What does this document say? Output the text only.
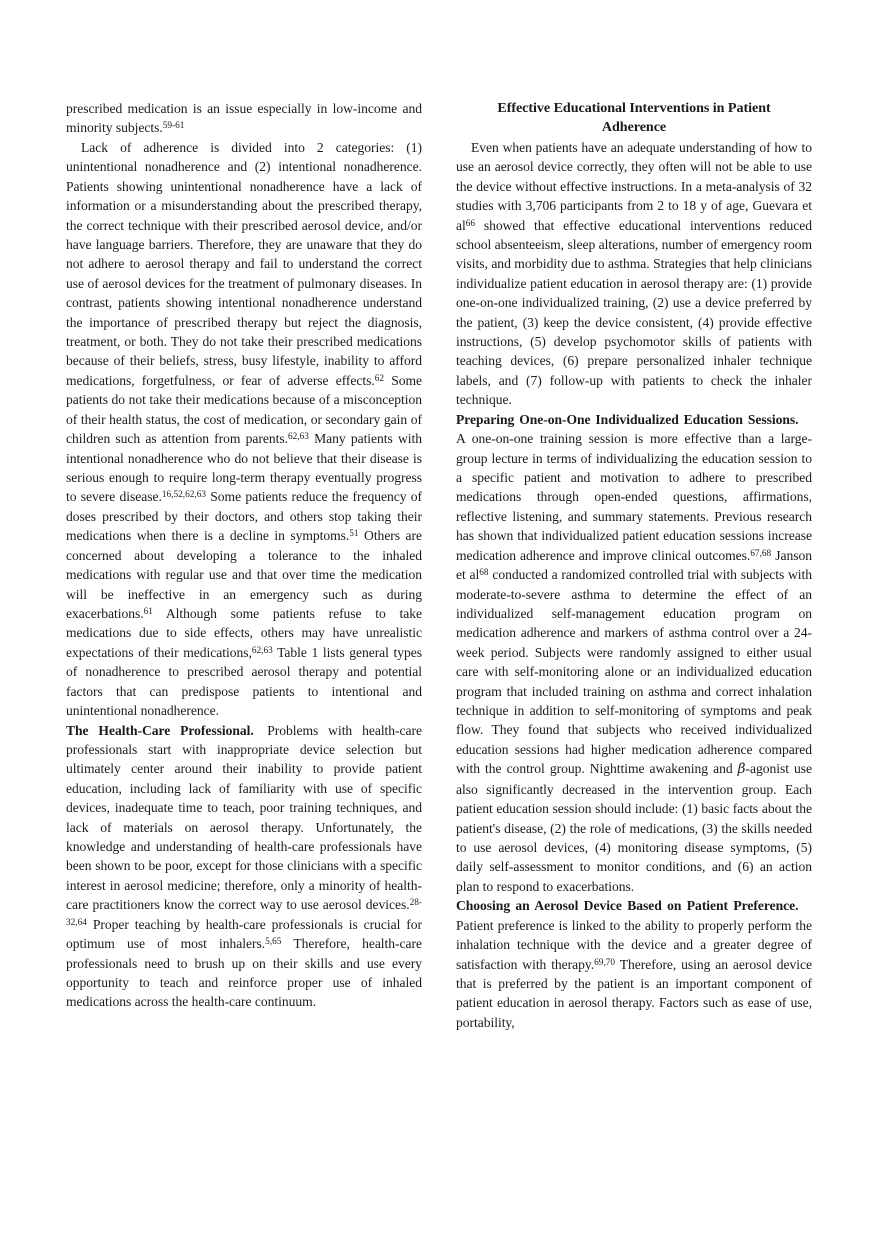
prescribed medication is an issue especially in low-income and minority subjects.$^{59-61}$

Lack of adherence is divided into 2 categories: (1) unintentional nonadherence and (2) intentional nonadherence. Patients showing unintentional nonadherence have a lack of information or a misunderstanding about the prescribed therapy, the correct technique with their prescribed aerosol device, and/or have language barriers. Therefore, they are unaware that they do not adhere to aerosol therapy and fail to understand the correct use of aerosol devices for the treatment of pulmonary diseases. In contrast, patients showing intentional nonadherence understand the importance of prescribed therapy but reject the diagnosis, treatment, or both. They do not take their prescribed medications because of their beliefs, stress, busy lifestyle, inability to afford medications, forgetfulness, or fear of adverse effects.$^{62}$ Some patients do not take their medications because of a misconception of their health status, the cost of medication, or secondary gain of children such as attention from parents.$^{62,63}$ Many patients with intentional nonadherence who do not believe that their disease is serious enough to require long-term therapy eventually progress to severe disease.$^{16,52,62,63}$ Some patients reduce the frequency of doses prescribed by their doctors, and others stop taking their medications when there is a decline in symptoms.$^{51}$ Others are concerned about developing a tolerance to the inhaled medications with regular use and that over time the medication will be ineffective in an emergency such as during exacerbations.$^{61}$ Although some patients refuse to take medications due to side effects, others may have unrealistic expectations of their medications,$^{62,63}$ Table 1 lists general types of nonadherence to prescribed aerosol therapy and potential factors that can predispose patients to intentional and unintentional nonadherence.

The Health-Care Professional. Problems with health-care professionals start with inappropriate device selection but ultimately center around their inability to provide patient education, including lack of familiarity with use of specific devices, inadequate time to teach, poor training techniques, and lack of materials on aerosol therapy. Unfortunately, the knowledge and understanding of health-care professionals have been shown to be poor, except for those clinicians with a specific interest in aerosol medicine; therefore, only a minority of health-care practitioners know the correct way to use aerosol devices.$^{28-32,64}$ Proper teaching by health-care professionals is crucial for optimum use of most inhalers.$^{5,65}$ Therefore, health-care professionals need to brush up on their skills and use every opportunity to teach and reinforce proper use of inhaled medications across the health-care continuum.

Effective Educational Interventions in Patient Adherence

Even when patients have an adequate understanding of how to use an aerosol device correctly, they often will not be able to use the device without effective instructions. In a meta-analysis of 32 studies with 3,706 participants from 2 to 18 y of age, Guevara et $al^{66}$ showed that effective educational interventions reduced school absenteeism, sleep alterations, number of emergency room visits, and morbidity due to asthma. Strategies that help clinicians individualize patient education in aerosol therapy are: (1) provide one-on-one individualized training, (2) use a device preferred by the patient, (3) keep the device consistent, (4) provide effective instructions, (5) develop psychomotor skills of patients with teaching devices, (6) prepare personalized inhaler technique labels, and (7) follow-up with patients to check the inhaler technique.

Preparing One-on-One Individualized Education Sessions.A one-on-one training session is more effective than a large-group lecture in terms of individualizing the education session to a specific patient and motivation to adhere to prescribed medications through open-ended questions, affirmations, reflective listening, and summary statements. Previous research has shown that individualized patient education sessions increase medication adherence and improve clinical outcomes.$^{67,68}$ Janson et $al^{68}$ conducted a randomized controlled trial with subjects with moderate-to-severe asthma to determine the effect of an individualized self-management education program on medication adherence and markers of asthma control over a 24-week period. Subjects were randomly assigned to either usual care with self-monitoring alone or an individualized education program that included training on asthma and correct inhalation technique in addition to self-monitoring of symptoms and peak flow. They found that subjects who received individualized education sessions had higher medication adherence compared with the control group. Nighttime awakening and β-agonist use also significantly decreased in the intervention group. Each patient education session should include: (1) basic facts about the patient's disease, (2) the role of medications, (3) the skills needed to use aerosol devices, (4) monitoring disease symptoms, (5) daily self-assessment to monitor conditions, and (6) an action plan to respond to exacerbations.

Choosing an Aerosol Device Based on Patient Preference.Patient preference is linked to the ability to properly perform the inhalation technique with the device and a greater degree of satisfaction with therapy.$^{69,70}$ Therefore, using an aerosol device that is preferred by the patient is an important component of patient education in aerosol therapy. Factors such as ease of use, portability,
